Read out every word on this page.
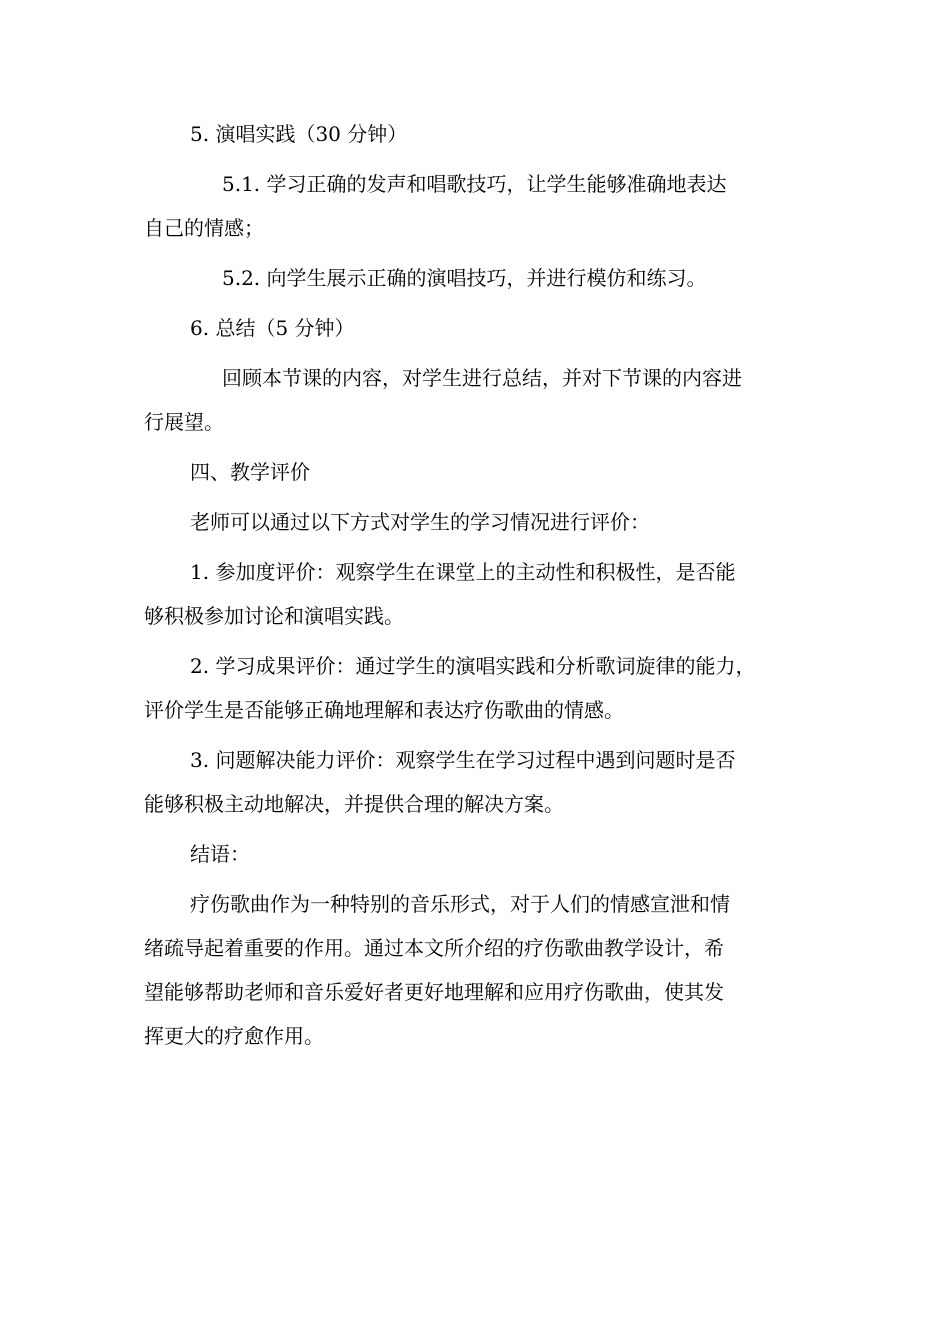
5. 演唱实践（30 分钟）
5.1. 学习正确的发声和唱歌技巧，让学生能够准确地表达
自己的情感；
5.2. 向学生展示正确的演唱技巧，并进行模仿和练习。
6. 总结（5 分钟）
回顾本节课的内容，对学生进行总结，并对下节课的内容进
行展望。
四、教学评价
老师可以通过以下方式对学生的学习情况进行评价：
1. 参加度评价：观察学生在课堂上的主动性和积极性，是否能
够积极参加讨论和演唱实践。
2. 学习成果评价：通过学生的演唱实践和分析歌词旋律的能力，
评价学生是否能够正确地理解和表达疗伤歌曲的情感。
3. 问题解决能力评价：观察学生在学习过程中遇到问题时是否
能够积极主动地解决，并提供合理的解决方案。
结语：
疗伤歌曲作为一种特别的音乐形式，对于人们的情感宣泄和情
绪疏导起着重要的作用。通过本文所介绍的疗伤歌曲教学设计，希
望能够帮助老师和音乐爱好者更好地理解和应用疗伤歌曲，使其发
挥更大的疗愈作用。
